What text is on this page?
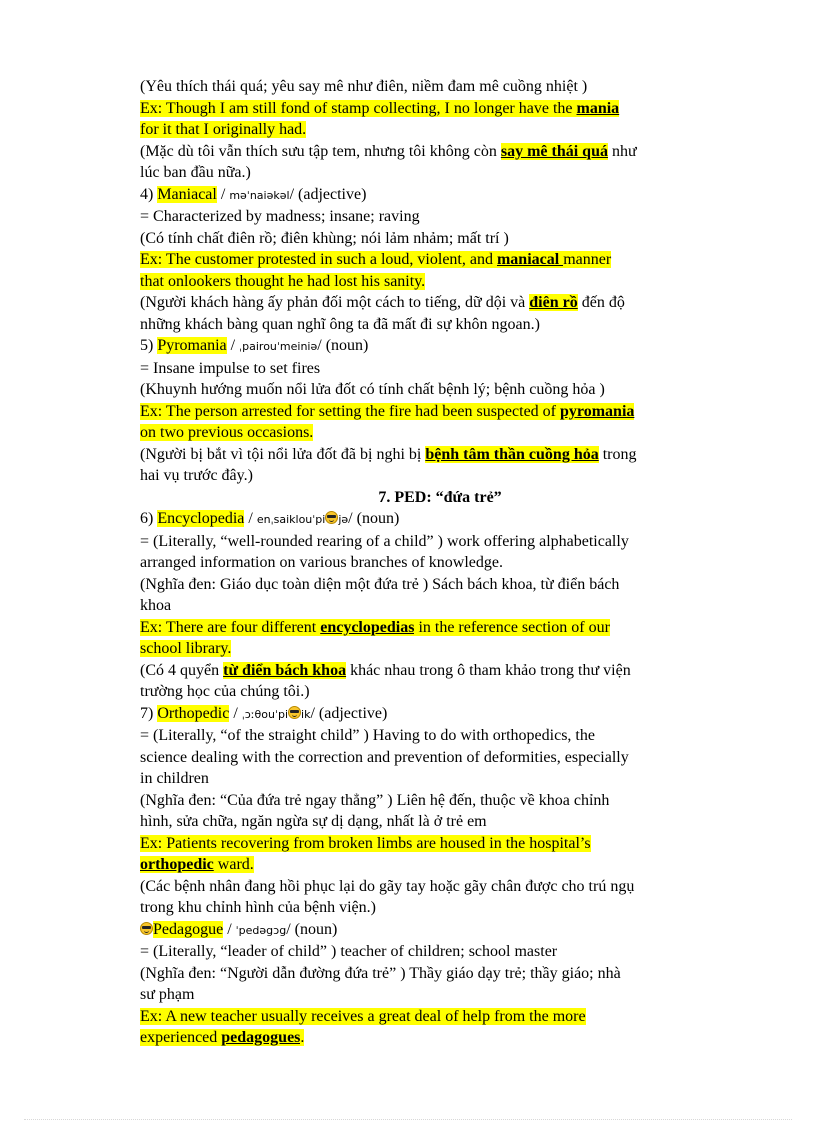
(Yêu thích thái quá; yêu say mê như điên, niềm đam mê cuồng nhiệt )
Ex: Though I am still fond of stamp collecting, I no longer have the mania
for it that I originally had.
(Mặc dù tôi vẫn thích sưu tập tem, nhưng tôi không còn say mê thái quá như
lúc ban đầu nữa.)
4) Maniacal / məˈnaiəkəl/ (adjective)
= Characterized by madness; insane; raving
(Có tính chất điên rồ; điên khùng; nói lảm nhảm; mất trí )
Ex: The customer protested in such a loud, violent, and maniacal manner
that onlookers thought he had lost his sanity.
(Người khách hàng ấy phản đối một cách to tiếng, dữ dội và điên rồ đến độ
những khách bàng quan nghĩ ông ta đã mất đi sự khôn ngoan.)
5) Pyromania / ˌpairouˈmeiniə/ (noun)
= Insane impulse to set fires
(Khuynh hướng muốn nổi lửa đốt có tính chất bệnh lý; bệnh cuồng hỏa )
Ex: The person arrested for setting the fire had been suspected of pyromania
on two previous occasions.
(Người bị bắt vì tội nổi lửa đốt đã bị nghi bị bệnh tâm thần cuồng hỏa trong
hai vụ trước đây.)
7. PED: “đứa trẻ”
6) Encyclopedia / enˌsaiklouˈpi jə/ (noun)
= (Literally, “well-rounded rearing of a child” ) work offering alphabetically
arranged information on various branches of knowledge.
(Nghĩa đen: Giáo dục toàn diện một đứa trẻ ) Sách bách khoa, từ điển bách
khoa
Ex: There are four different encyclopedias in the reference section of our
school library.
(Có 4 quyển từ điển bách khoa khác nhau trong ô tham khảo trong thư viện
trường học của chúng tôi.)
7) Orthopedic / ˌɔːθouˈpi ik/ (adjective)
= (Literally, “of the straight child” ) Having to do with orthopedics, the
science dealing with the correction and prevention of deformities, especially
in children
(Nghĩa đen: “Của đứa trẻ ngay thẳng” ) Liên hệ đến, thuộc về khoa chỉnh
hình, sửa chữa, ngăn ngừa sự dị dạng, nhất là ở trẻ em
Ex: Patients recovering from broken limbs are housed in the hospital’s
orthopedic ward.
(Các bệnh nhân đang hồi phục lại do gãy tay hoặc gãy chân được cho trú ngụ
trong khu chỉnh hình của bệnh viện.)
Pedagogue / ˈpedəgɔg/ (noun)
= (Literally, “leader of child” ) teacher of children; school master
(Nghĩa đen: “Người dẫn đường đứa trẻ” ) Thầy giáo dạy trẻ; thầy giáo; nhà
sư phạm
Ex: A new teacher usually receives a great deal of help from the more
experienced pedagogues.
